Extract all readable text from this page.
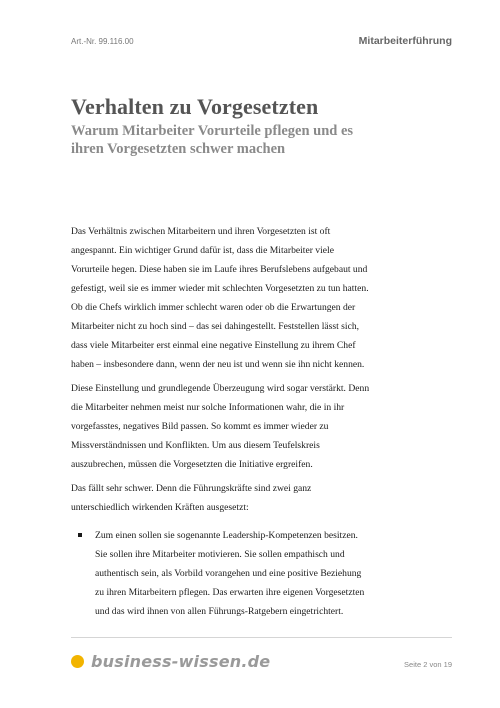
Art.-Nr. 99.116.00	Mitarbeiterführung
Verhalten zu Vorgesetzten
Warum Mitarbeiter Vorurteile pflegen und es ihren Vorgesetzten schwer machen

Das Verhältnis zwischen Mitarbeitern und ihren Vorgesetzten ist oft angespannt. Ein wichtiger Grund dafür ist, dass die Mitarbeiter viele Vorurteile hegen. Diese haben sie im Laufe ihres Berufslebens aufgebaut und gefestigt, weil sie es immer wieder mit schlechten Vorgesetzten zu tun hatten. Ob die Chefs wirklich immer schlecht waren oder ob die Erwartungen der Mitarbeiter nicht zu hoch sind – das sei dahingestellt. Feststellen lässt sich, dass viele Mitarbeiter erst einmal eine negative Einstellung zu ihrem Chef haben – insbesondere dann, wenn der neu ist und wenn sie ihn nicht kennen.

Diese Einstellung und grundlegende Überzeugung wird sogar verstärkt. Denn die Mitarbeiter nehmen meist nur solche Informationen wahr, die in ihr vorgefasstes, negatives Bild passen. So kommt es immer wieder zu Missverständnissen und Konflikten. Um aus diesem Teufelskreis auszubrechen, müssen die Vorgesetzten die Initiative ergreifen.

Das fällt sehr schwer. Denn die Führungskräfte sind zwei ganz unterschiedlich wirkenden Kräften ausgesetzt:

Zum einen sollen sie sogenannte Leadership-Kompetenzen besitzen. Sie sollen ihre Mitarbeiter motivieren. Sie sollen empathisch und authentisch sein, als Vorbild vorangehen und eine positive Beziehung zu ihren Mitarbeitern pflegen. Das erwarten ihre eigenen Vorgesetzten und das wird ihnen von allen Führungs-Ratgebern eingetrichtert.
business-wissen.de	Seite 2 von 19
